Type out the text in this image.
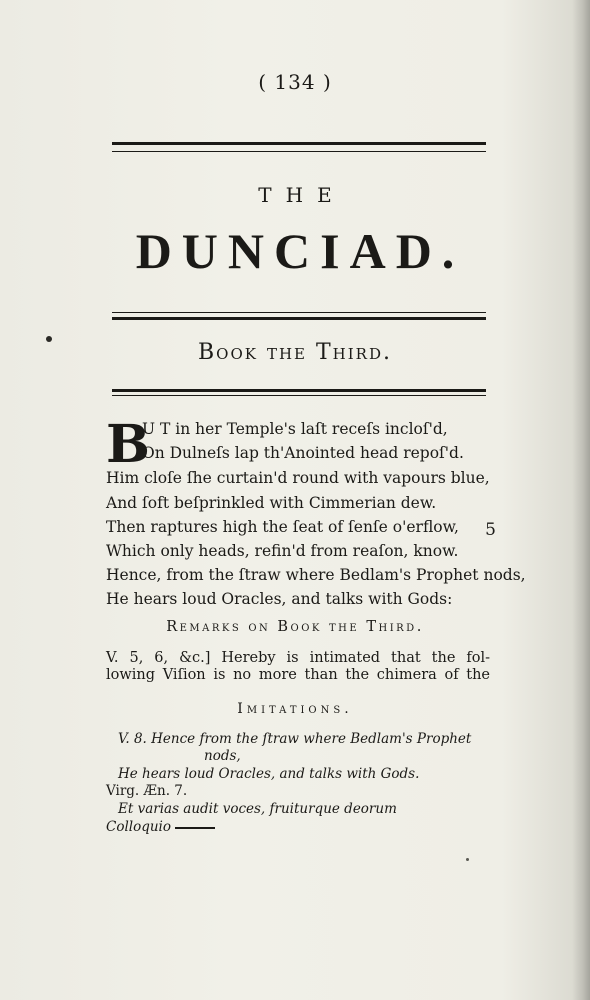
( 134 )
THE
DUNCIAD.
Book the Third.
B
U T in her Temple's laſt receſs incloſ'd,
On Dulneſs lap th'Anointed head repoſ'd.
Him cloſe ſhe curtain'd round with vapours blue,
And ſoft beſprinkled with Cimmerian dew.
Then raptures high the ſeat of ſenſe o'erflow, 5
Which only heads, refin'd from reaſon, know.
Hence, from the ſtraw where Bedlam's Prophet nods,
He hears loud Oracles, and talks with Gods:
Remarks on Book the Third.
V. 5, 6, &c.] Hereby is intimated that the fol-
lowing Viſion is no more than the chimera of the
Imitations.
V. 8. Hence from the ſtraw where Bedlam's Prophet
nods,
He hears loud Oracles, and talks with Gods.
Virg. Æn. 7.
Et varias audit voces, fruiturque deorum
Colloquio
